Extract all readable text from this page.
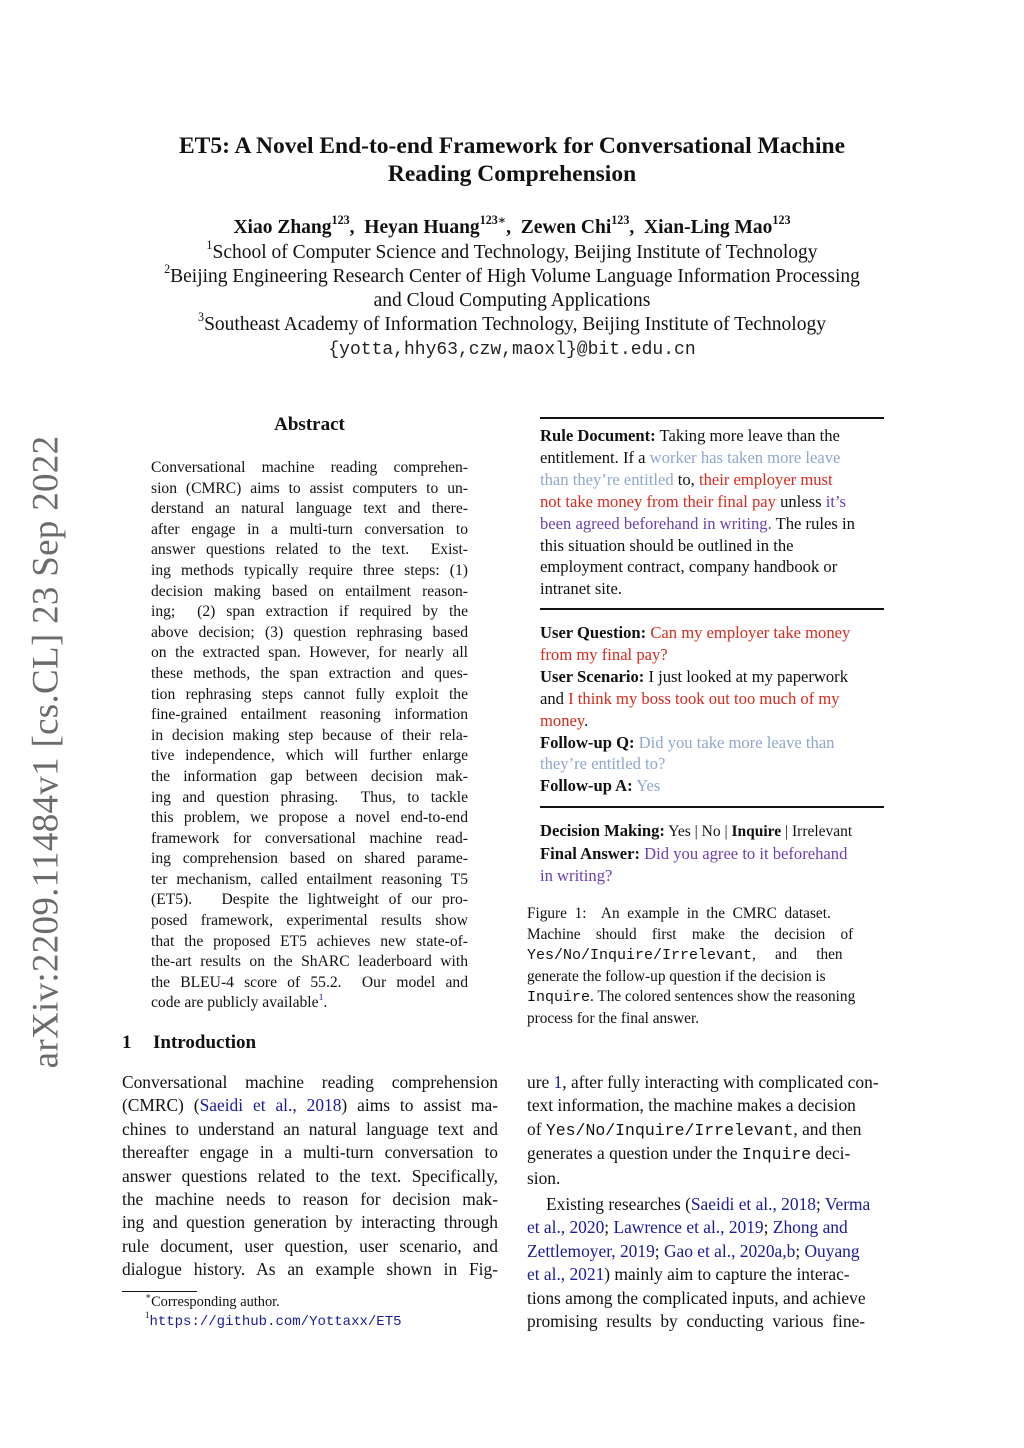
arXiv:2209.11484v1 [cs.CL] 23 Sep 2022
ET5: A Novel End-to-end Framework for Conversational Machine
Reading Comprehension
Xiao Zhang$^{123}$,  Heyan Huang$^{123∗}$,  Zewen Chi$^{123}$,  Xian-Ling Mao$^{123}$
$^1$School of Computer Science and Technology, Beijing Institute of Technology
$^2$Beijing Engineering Research Center of High Volume Language Information Processing
and Cloud Computing Applications
$^3$Southeast Academy of Information Technology, Beijing Institute of Technology
{yotta,hhy63,czw,maoxl}@bit.edu.cn
Abstract
Conversational machine reading comprehen-
sion (CMRC) aims to assist computers to un-
derstand an natural language text and there-
after engage in a multi-turn conversation to
answer questions related to the text.  Exist-
ing methods typically require three steps: (1)
decision making based on entailment reason-
ing;  (2) span extraction if required by the
above decision; (3) question rephrasing based
on the extracted span. However, for nearly all
these methods, the span extraction and ques-
tion rephrasing steps cannot fully exploit the
fine-grained entailment reasoning information
in decision making step because of their rela-
tive independence, which will further enlarge
the information gap between decision mak-
ing and question phrasing.  Thus, to tackle
this problem, we propose a novel end-to-end
framework for conversational machine read-
ing comprehension based on shared parame-
ter mechanism, called entailment reasoning T5
(ET5).   Despite the lightweight of our pro-
posed framework, experimental results show
that the proposed ET5 achieves new state-of-
the-art results on the ShARC leaderboard with
the BLEU-4 score of 55.2.  Our model and
code are publicly available$^1$.
1 Introduction
Conversational machine reading comprehension
(CMRC) (Saeidi et al., 2018) aims to assist ma-
chines to understand an natural language text and
thereafter engage in a multi-turn conversation to
answer questions related to the text. Specifically,
the machine needs to reason for decision mak-
ing and question generation by interacting through
rule document, user question, user scenario, and
dialogue history. As an example shown in Fig-
∗Corresponding author.
$^1$https://github.com/Yottaxx/ET5
Rule Document: Taking more leave than the
entitlement. If a worker has taken more leave
than they’re entitled to, their employer must
not take money from their final pay unless it’s
been agreed beforehand in writing. The rules in
this situation should be outlined in the
employment contract, company handbook or
intranet site.
User Question: Can my employer take money
from my final pay?
User Scenario: I just looked at my paperwork
and I think my boss took out too much of my
money.
Follow-up Q: Did you take more leave than
they’re entitled to?
Follow-up A: Yes
Decision Making: Yes | No | Inquire | Irrelevant
Final Answer: Did you agree to it beforehand
in writing?
Figure  1:    An  example  in  the  CMRC  dataset.
Machine    should    first    make    the    decision    of
Yes/No/Inquire/Irrelevant,     and     then
generate the follow-up question if the decision is
Inquire. The colored sentences show the reasoning
process for the final answer.
ure 1, after fully interacting with complicated con-
text information, the machine makes a decision
of Yes/No/Inquire/Irrelevant, and then
generates a question under the Inquire deci-
sion.
Existing researches (Saeidi et al., 2018; Verma
et al., 2020; Lawrence et al., 2019; Zhong and
Zettlemoyer, 2019; Gao et al., 2020a,b; Ouyang
et al., 2021) mainly aim to capture the interac-
tions among the complicated inputs, and achieve
promising  results  by  conducting  various  fine-
